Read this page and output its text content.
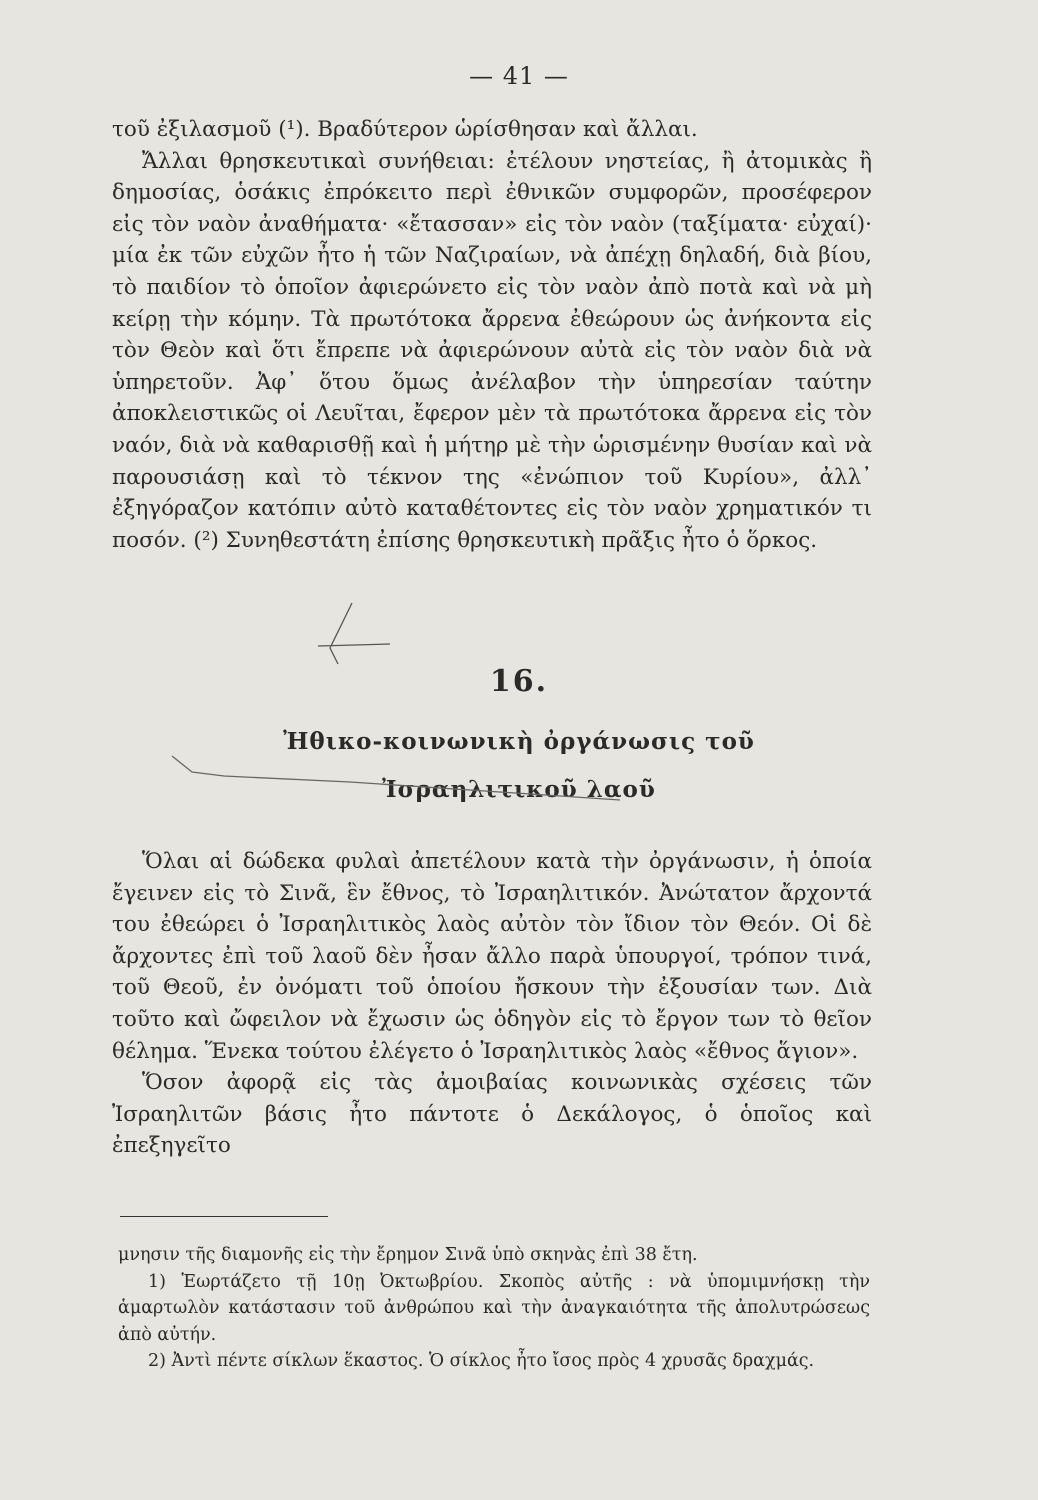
— 41 —

τοῦ ἐξιλασμοῦ (¹). Βραδύτερον ὡρίσθησαν καὶ ἄλλαι.

Ἄλλαι θρησκευτικαὶ συνήθειαι: ἐτέλουν νηστείας, ἢ ἀτομικὰς ἢ δημοσίας, ὁσάκις ἐπρόκειτο περὶ ἐθνικῶν συμφορῶν, προσέφερον εἰς τὸν ναὸν ἀναθήματα· «ἔτασσαν» εἰς τὸν ναὸν (ταξίματα· εὐχαί)· μία ἐκ τῶν εὐχῶν ἦτο ἡ τῶν Ναζιραίων, νὰ ἀπέχῃ δηλαδή, διὰ βίου, τὸ παιδίον τὸ ὁποῖον ἀφιερώνετο εἰς τὸν ναὸν ἀπὸ ποτὰ καὶ νὰ μὴ κείρῃ τὴν κόμην. Τὰ πρωτότοκα ἄρρενα ἐθεώρουν ὡς ἀνήκοντα εἰς τὸν Θεὸν καὶ ὅτι ἔπρεπε νὰ ἀφιερώνουν αὐτὰ εἰς τὸν ναὸν διὰ νὰ ὑπηρετοῦν. Ἀφ᾽ ὅτου ὅμως ἀνέλαβον τὴν ὑπηρεσίαν ταύτην ἀποκλειστικῶς οἱ Λευῖται, ἔφερον μὲν τὰ πρωτότοκα ἄρρενα εἰς τὸν ναόν, διὰ νὰ καθαρισθῇ καὶ ἡ μήτηρ μὲ τὴν ὡρισμένην θυσίαν καὶ νὰ παρουσιάσῃ καὶ τὸ τέκνον της «ἐνώπιον τοῦ Κυρίου», ἀλλ᾽ ἐξηγόραζον κατόπιν αὐτὸ καταθέτοντες εἰς τὸν ναὸν χρηματικόν τι ποσόν. (²) Συνηθεστάτη ἐπίσης θρησκευτικὴ πρᾶξις ἦτο ὁ ὅρκος.

16.
Ἠθικο-κοινωνικὴ ὀργάνωσις τοῦ
Ἰσραηλιτικοῦ λαοῦ

Ὅλαι αἱ δώδεκα φυλαὶ ἀπετέλουν κατὰ τὴν ὀργάνωσιν, ἡ ὁποία ἔγεινεν εἰς τὸ Σινᾶ, ἓν ἔθνος, τὸ Ἰσραηλιτικόν. Ἀνώτατον ἄρχοντά του ἐθεώρει ὁ Ἰσραηλιτικὸς λαὸς αὐτὸν τὸν ἴδιον τὸν Θεόν. Οἱ δὲ ἄρχοντες ἐπὶ τοῦ λαοῦ δὲν ἦσαν ἄλλο παρὰ ὑπουργοί, τρόπον τινά, τοῦ Θεοῦ, ἐν ὀνόματι τοῦ ὁποίου ἤσκουν τὴν ἐξουσίαν των. Διὰ τοῦτο καὶ ὤφειλον νὰ ἔχωσιν ὡς ὁδηγὸν εἰς τὸ ἔργον των τὸ θεῖον θέλημα. Ἕνεκα τούτου ἐλέγετο ὁ Ἰσραηλιτικὸς λαὸς «ἔθνος ἅγιον».

Ὅσον ἀφορᾷ εἰς τὰς ἀμοιβαίας κοινωνικὰς σχέσεις τῶν Ἰσραηλιτῶν βάσις ἦτο πάντοτε ὁ Δεκάλογος, ὁ ὁποῖος καὶ ἐπεξηγεῖτο

μνησιν τῆς διαμονῆς εἰς τὴν ἔρημον Σινᾶ ὑπὸ σκηνὰς ἐπὶ 38 ἔτη.

1) Ἑωρτάζετο τῇ 10ῃ Ὀκτωβρίου. Σκοπὸς αὐτῆς : νὰ ὑπομιμνήσκῃ τὴν ἁμαρτωλὸν κατάστασιν τοῦ ἀνθρώπου καὶ τὴν ἀναγκαιότητα τῆς ἀπολυτρώσεως ἀπὸ αὐτήν.

2) Ἀντὶ πέντε σίκλων ἕκαστος. Ὁ σίκλος ἦτο ἴσος πρὸς 4 χρυσᾶς δραχμάς.
